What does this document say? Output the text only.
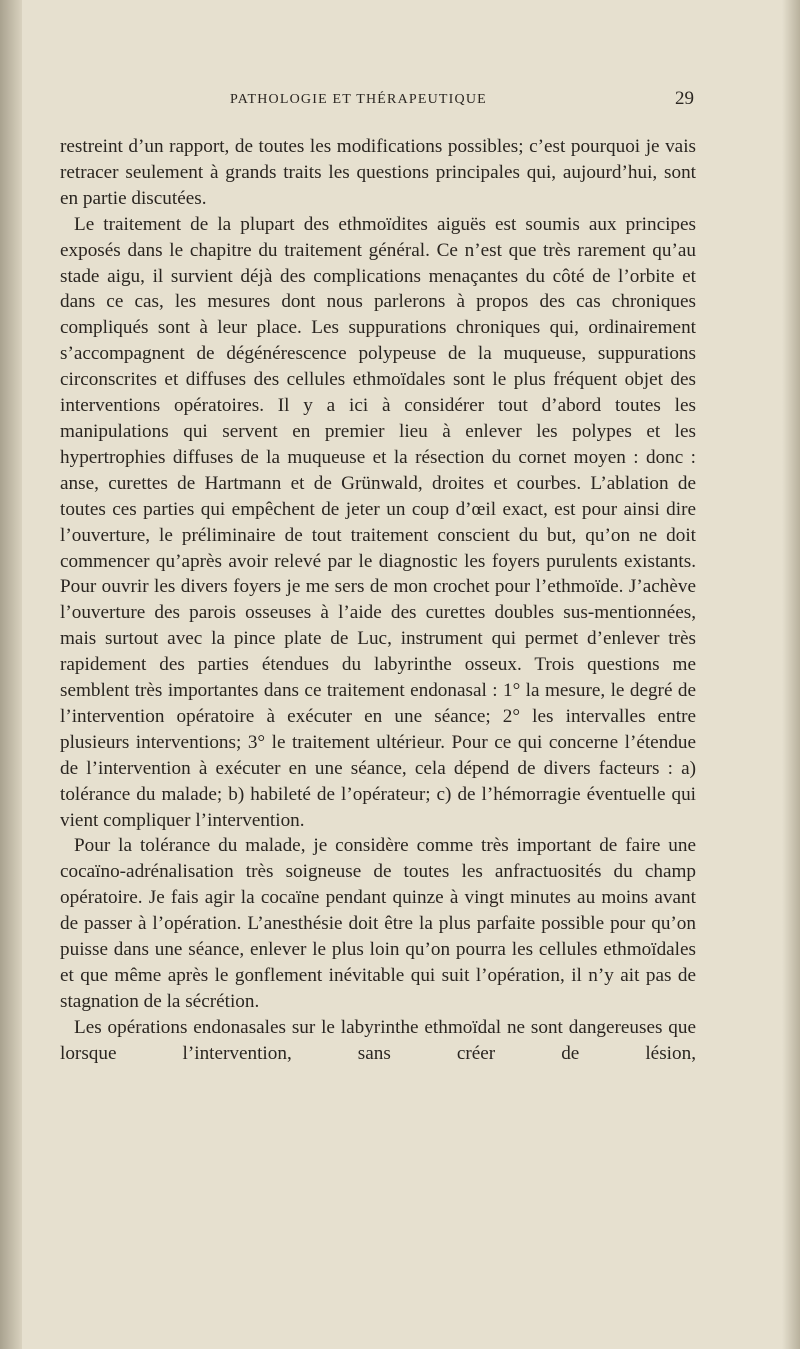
PATHOLOGIE ET THÉRAPEUTIQUE	29

restreint d’un rapport, de toutes les modifications possibles; c’est pourquoi je vais retracer seulement à grands traits les questions principales qui, aujourd’hui, sont en partie discutées.

Le traitement de la plupart des ethmoïdites aiguës est soumis aux principes exposés dans le chapitre du traitement général. Ce n’est que très rarement qu’au stade aigu, il survient déjà des complications menaçantes du côté de l’orbite et dans ce cas, les mesures dont nous parlerons à propos des cas chroniques compliqués sont à leur place. Les suppurations chroniques qui, ordinairement s’accompagnent de dégénérescence polypeuse de la muqueuse, suppurations circonscrites et diffuses des cellules ethmoïdales sont le plus fréquent objet des interventions opératoires. Il y a ici à considérer tout d’abord toutes les manipulations qui servent en premier lieu à enlever les polypes et les hypertrophies diffuses de la muqueuse et la résection du cornet moyen : donc : anse, curettes de Hartmann et de Grünwald, droites et courbes. L’ablation de toutes ces parties qui empêchent de jeter un coup d’œil exact, est pour ainsi dire l’ouverture, le préliminaire de tout traitement conscient du but, qu’on ne doit commencer qu’après avoir relevé par le diagnostic les foyers purulents existants. Pour ouvrir les divers foyers je me sers de mon crochet pour l’ethmoïde. J’achève l’ouverture des parois osseuses à l’aide des curettes doubles sus-mentionnées, mais surtout avec la pince plate de Luc, instrument qui permet d’enlever très rapidement des parties étendues du labyrinthe osseux. Trois questions me semblent très importantes dans ce traitement endonasal : 1° la mesure, le degré de l’intervention opératoire à exécuter en une séance; 2° les intervalles entre plusieurs interventions; 3° le traitement ultérieur. Pour ce qui concerne l’étendue de l’intervention à exécuter en une séance, cela dépend de divers facteurs : a) tolérance du malade; b) habileté de l’opérateur; c) de l’hémorragie éventuelle qui vient compliquer l’intervention.

Pour la tolérance du malade, je considère comme très important de faire une cocaïno-adrénalisation très soigneuse de toutes les anfractuosités du champ opératoire. Je fais agir la cocaïne pendant quinze à vingt minutes au moins avant de passer à l’opération. L’anesthésie doit être la plus parfaite possible pour qu’on puisse dans une séance, enlever le plus loin qu’on pourra les cellules ethmoïdales et que même après le gonflement inévitable qui suit l’opération, il n’y ait pas de stagnation de la sécrétion.

Les opérations endonasales sur le labyrinthe ethmoïdal ne sont dangereuses que lorsque l’intervention, sans créer de lésion,
